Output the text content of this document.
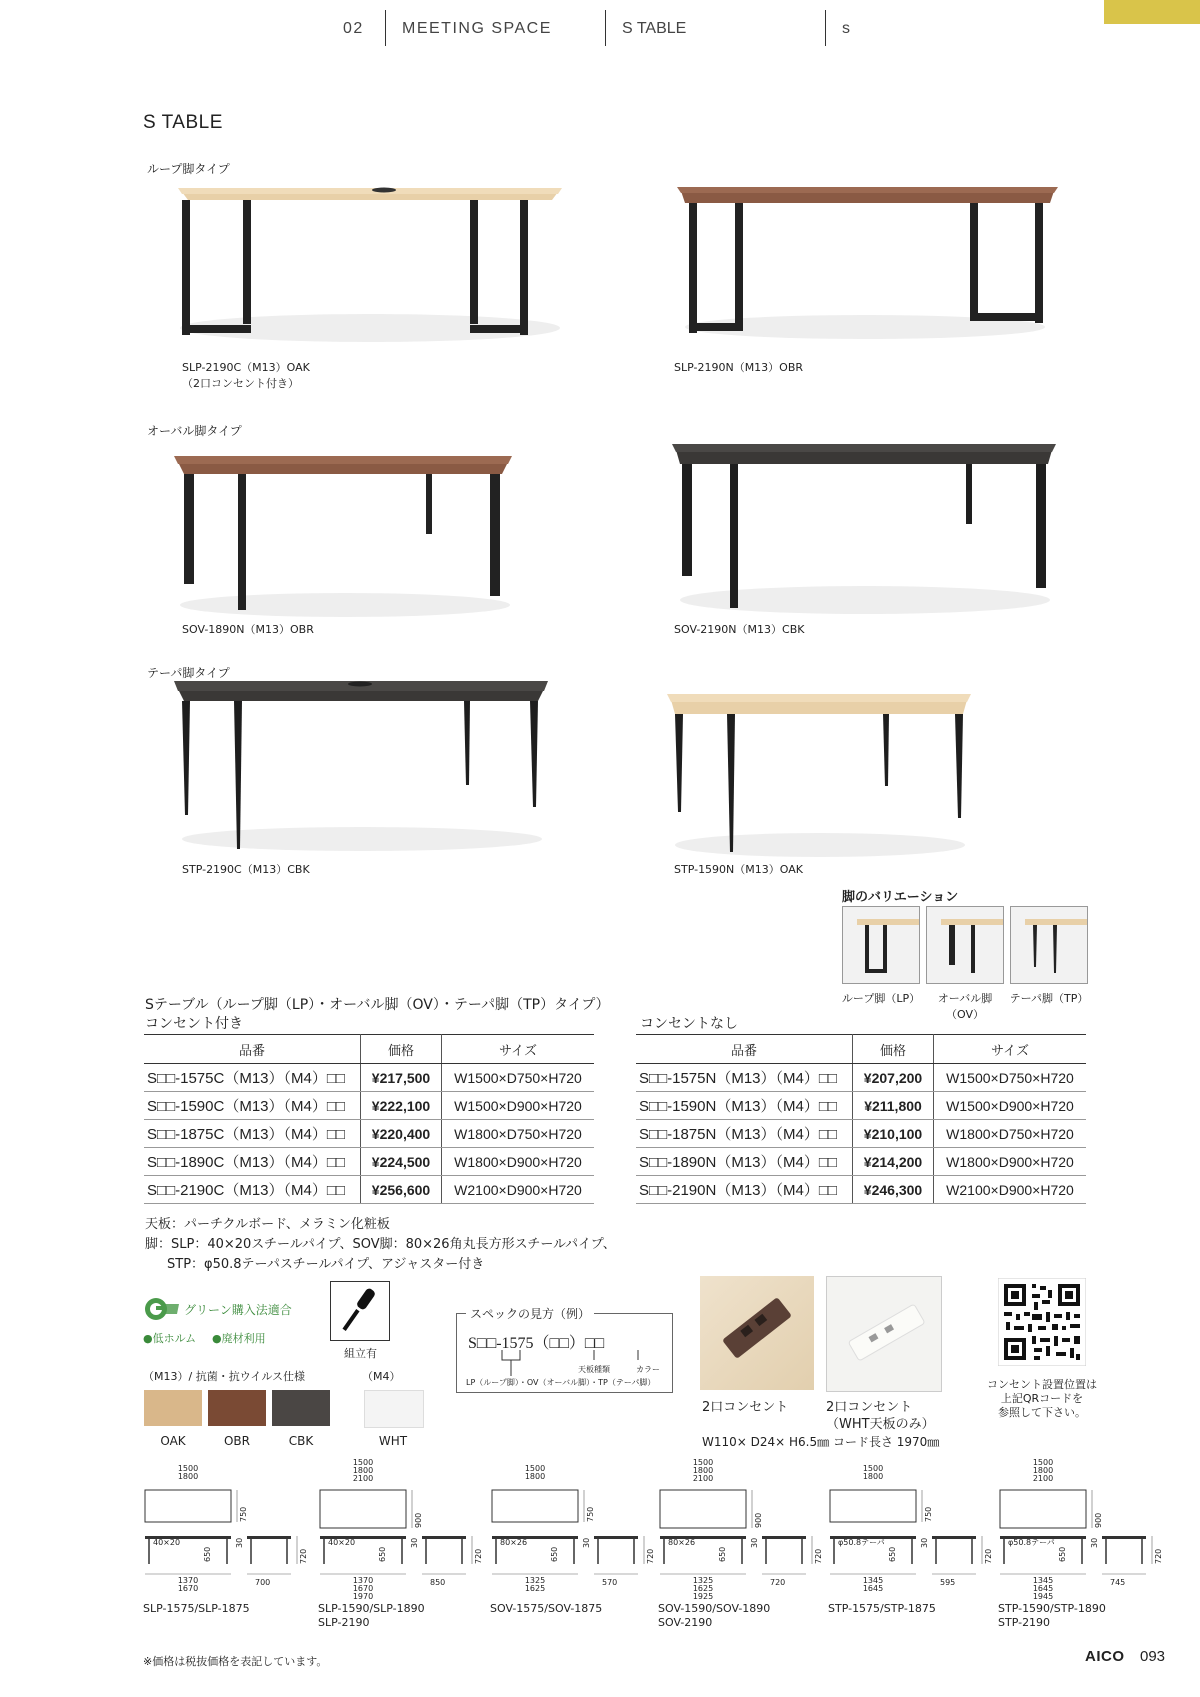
02 MEETING SPACE	S TABLE	s
S TABLE
ループ脚タイプ
オーバル脚タイプ
テーパ脚タイプ
SLP-2190C（M13）OAK
（2口コンセント付き）
SLP-2190N（M13）OBR
SOV-1890N（M13）OBR	SOV-2190N（M13）CBK
STP-2190C（M13）CBK	STP-1590N（M13）OAK
脚のバリエーション
ループ脚（LP）	オーバル脚（OV）
テーパ脚（TP）
Sテーブル（ループ脚（LP）・オーバル脚（OV）・テーパ脚（TP）タイプ）
コンセント付き	コンセントなし
品番	価格	サイズ
S□□-1575C（M13）（M4）□□	¥217,500	W1500×D750×H720
S□□-1590C（M13）（M4）□□	¥222,100	W1500×D900×H720
S□□-1875C（M13）（M4）□□	¥220,400	W1800×D750×H720
S□□-1890C（M13）（M4）□□	¥224,500	W1800×D900×H720
S□□-2190C（M13）（M4）□□	¥256,600	W2100×D900×H720
品番	価格	サイズ
S□□-1575N（M13）（M4）□□	¥207,200	W1500×D750×H720
S□□-1590N（M13）（M4）□□	¥211,800	W1500×D900×H720
S□□-1875N（M13）（M4）□□	¥210,100	W1800×D750×H720
S□□-1890N（M13）（M4）□□	¥214,200	W1800×D900×H720
S□□-2190N（M13）（M4）□□	¥246,300	W2100×D900×H720
天板：パーチクルボード、メラミン化粧板
脚：SLP：40×20スチールパイプ、SOV脚：80×26角丸長方形スチールパイプ、
STP：φ50.8テーパスチールパイプ、アジャスター付き
グリーン購入法適合
●低ホルム ●廃材利用
組立有
（M13）/ 抗菌・抗ウイルス仕様	（M4）
OAK	OBR	CBK	WHT
スペックの見方（例）
S□□-1575（□□）□□
天板種類	カラー
LP（ループ脚）・OV（オーバル脚）・TP（テーパ脚）
2口コンセント	2口コンセント
（WHT天板のみ）
W110× D24× H6.5㎜ コード長さ 1970㎜
コンセント設置位置は
上記QRコードを
参照して下さい。
1500
1800
750
40×20
650
30
720
1370
1670
700
SLP-1575/SLP-1875
1500
1800
2100
900
40×20
650
30
720
1370
1670
1970
850
SLP-1590/SLP-1890
SLP-2190
1500
1800
750
80×26
650
30
720
1325
1625
570
SOV-1575/SOV-1875
1500
1800
2100
900
80×26
650
30
720
1325
1625
1925
720
SOV-1590/SOV-1890
SOV-2190
1500
1800
750
φ50.8テーパ
650
30
720
1345
1645
595
STP-1575/STP-1875
1500
1800
2100
900
φ50.8テーパ
650
30
720
1345
1645
1945
745
STP-1590/STP-1890
STP-2190
※価格は税抜価格を表記しています。	AICO 093
